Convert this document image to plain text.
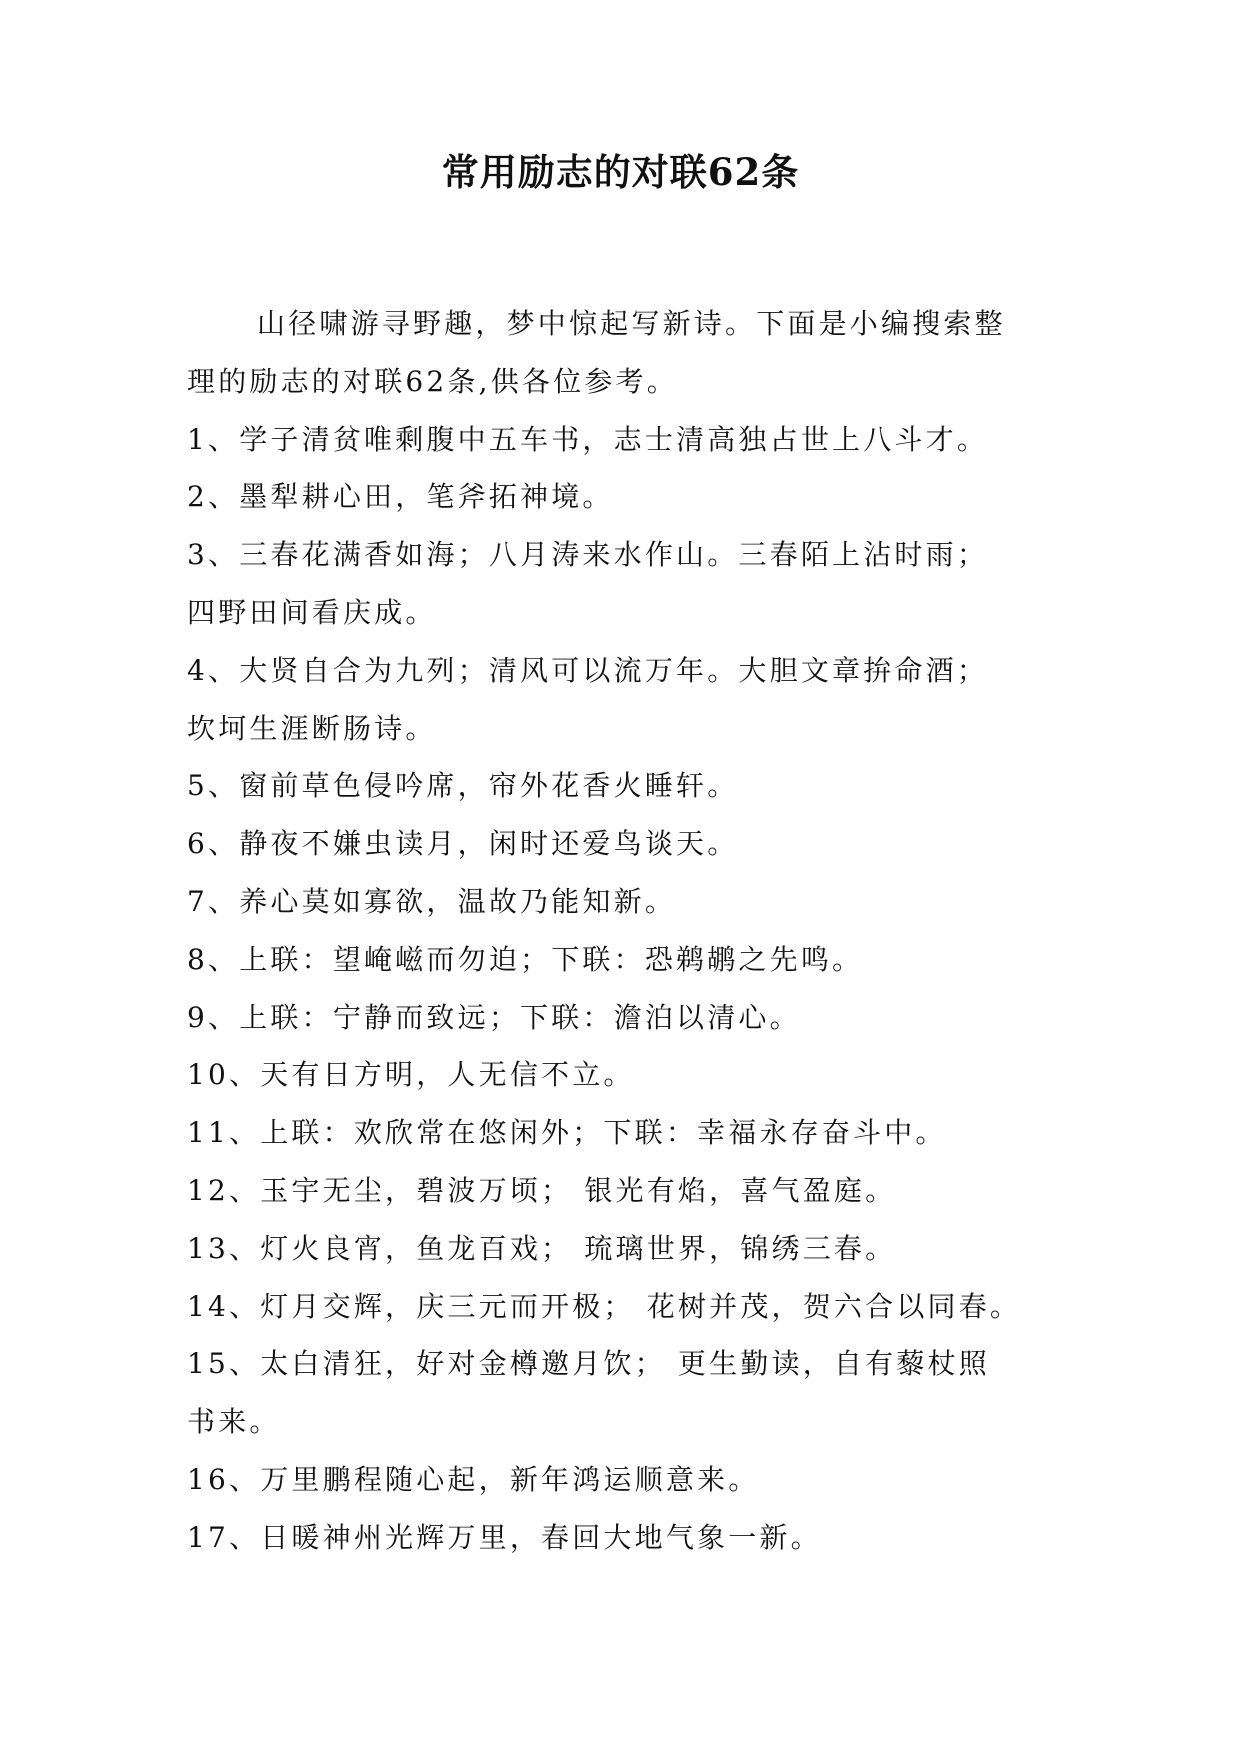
常用励志的对联62条

山径啸游寻野趣，梦中惊起写新诗。下面是小编搜索整
理的励志的对联62条,供各位参考。

1、学子清贫唯剩腹中五车书，志士清高独占世上八斗才。

2、墨犁耕心田，笔斧拓神境。

3、三春花满香如海；八月涛来水作山。三春陌上沾时雨；
四野田间看庆成。

4、大贤自合为九列；清风可以流万年。大胆文章拚命酒；
坎坷生涯断肠诗。

5、窗前草色侵吟席，帘外花香火睡轩。

6、静夜不嫌虫读月，闲时还爱鸟谈天。

7、养心莫如寡欲，温故乃能知新。

8、上联：望崦嵫而勿迫；下联：恐鹈鹕之先鸣。

9、上联：宁静而致远；下联：澹泊以清心。

10、天有日方明，人无信不立。

11、上联：欢欣常在悠闲外；下联：幸福永存奋斗中。

12、玉宇无尘，碧波万顷； 银光有焰，喜气盈庭。

13、灯火良宵，鱼龙百戏； 琉璃世界，锦绣三春。

14、灯月交辉，庆三元而开极； 花树并茂，贺六合以同春。

15、太白清狂，好对金樽邀月饮； 更生勤读，自有藜杖照
书来。

16、万里鹏程随心起，新年鸿运顺意来。

17、日暖神州光辉万里，春回大地气象一新。
